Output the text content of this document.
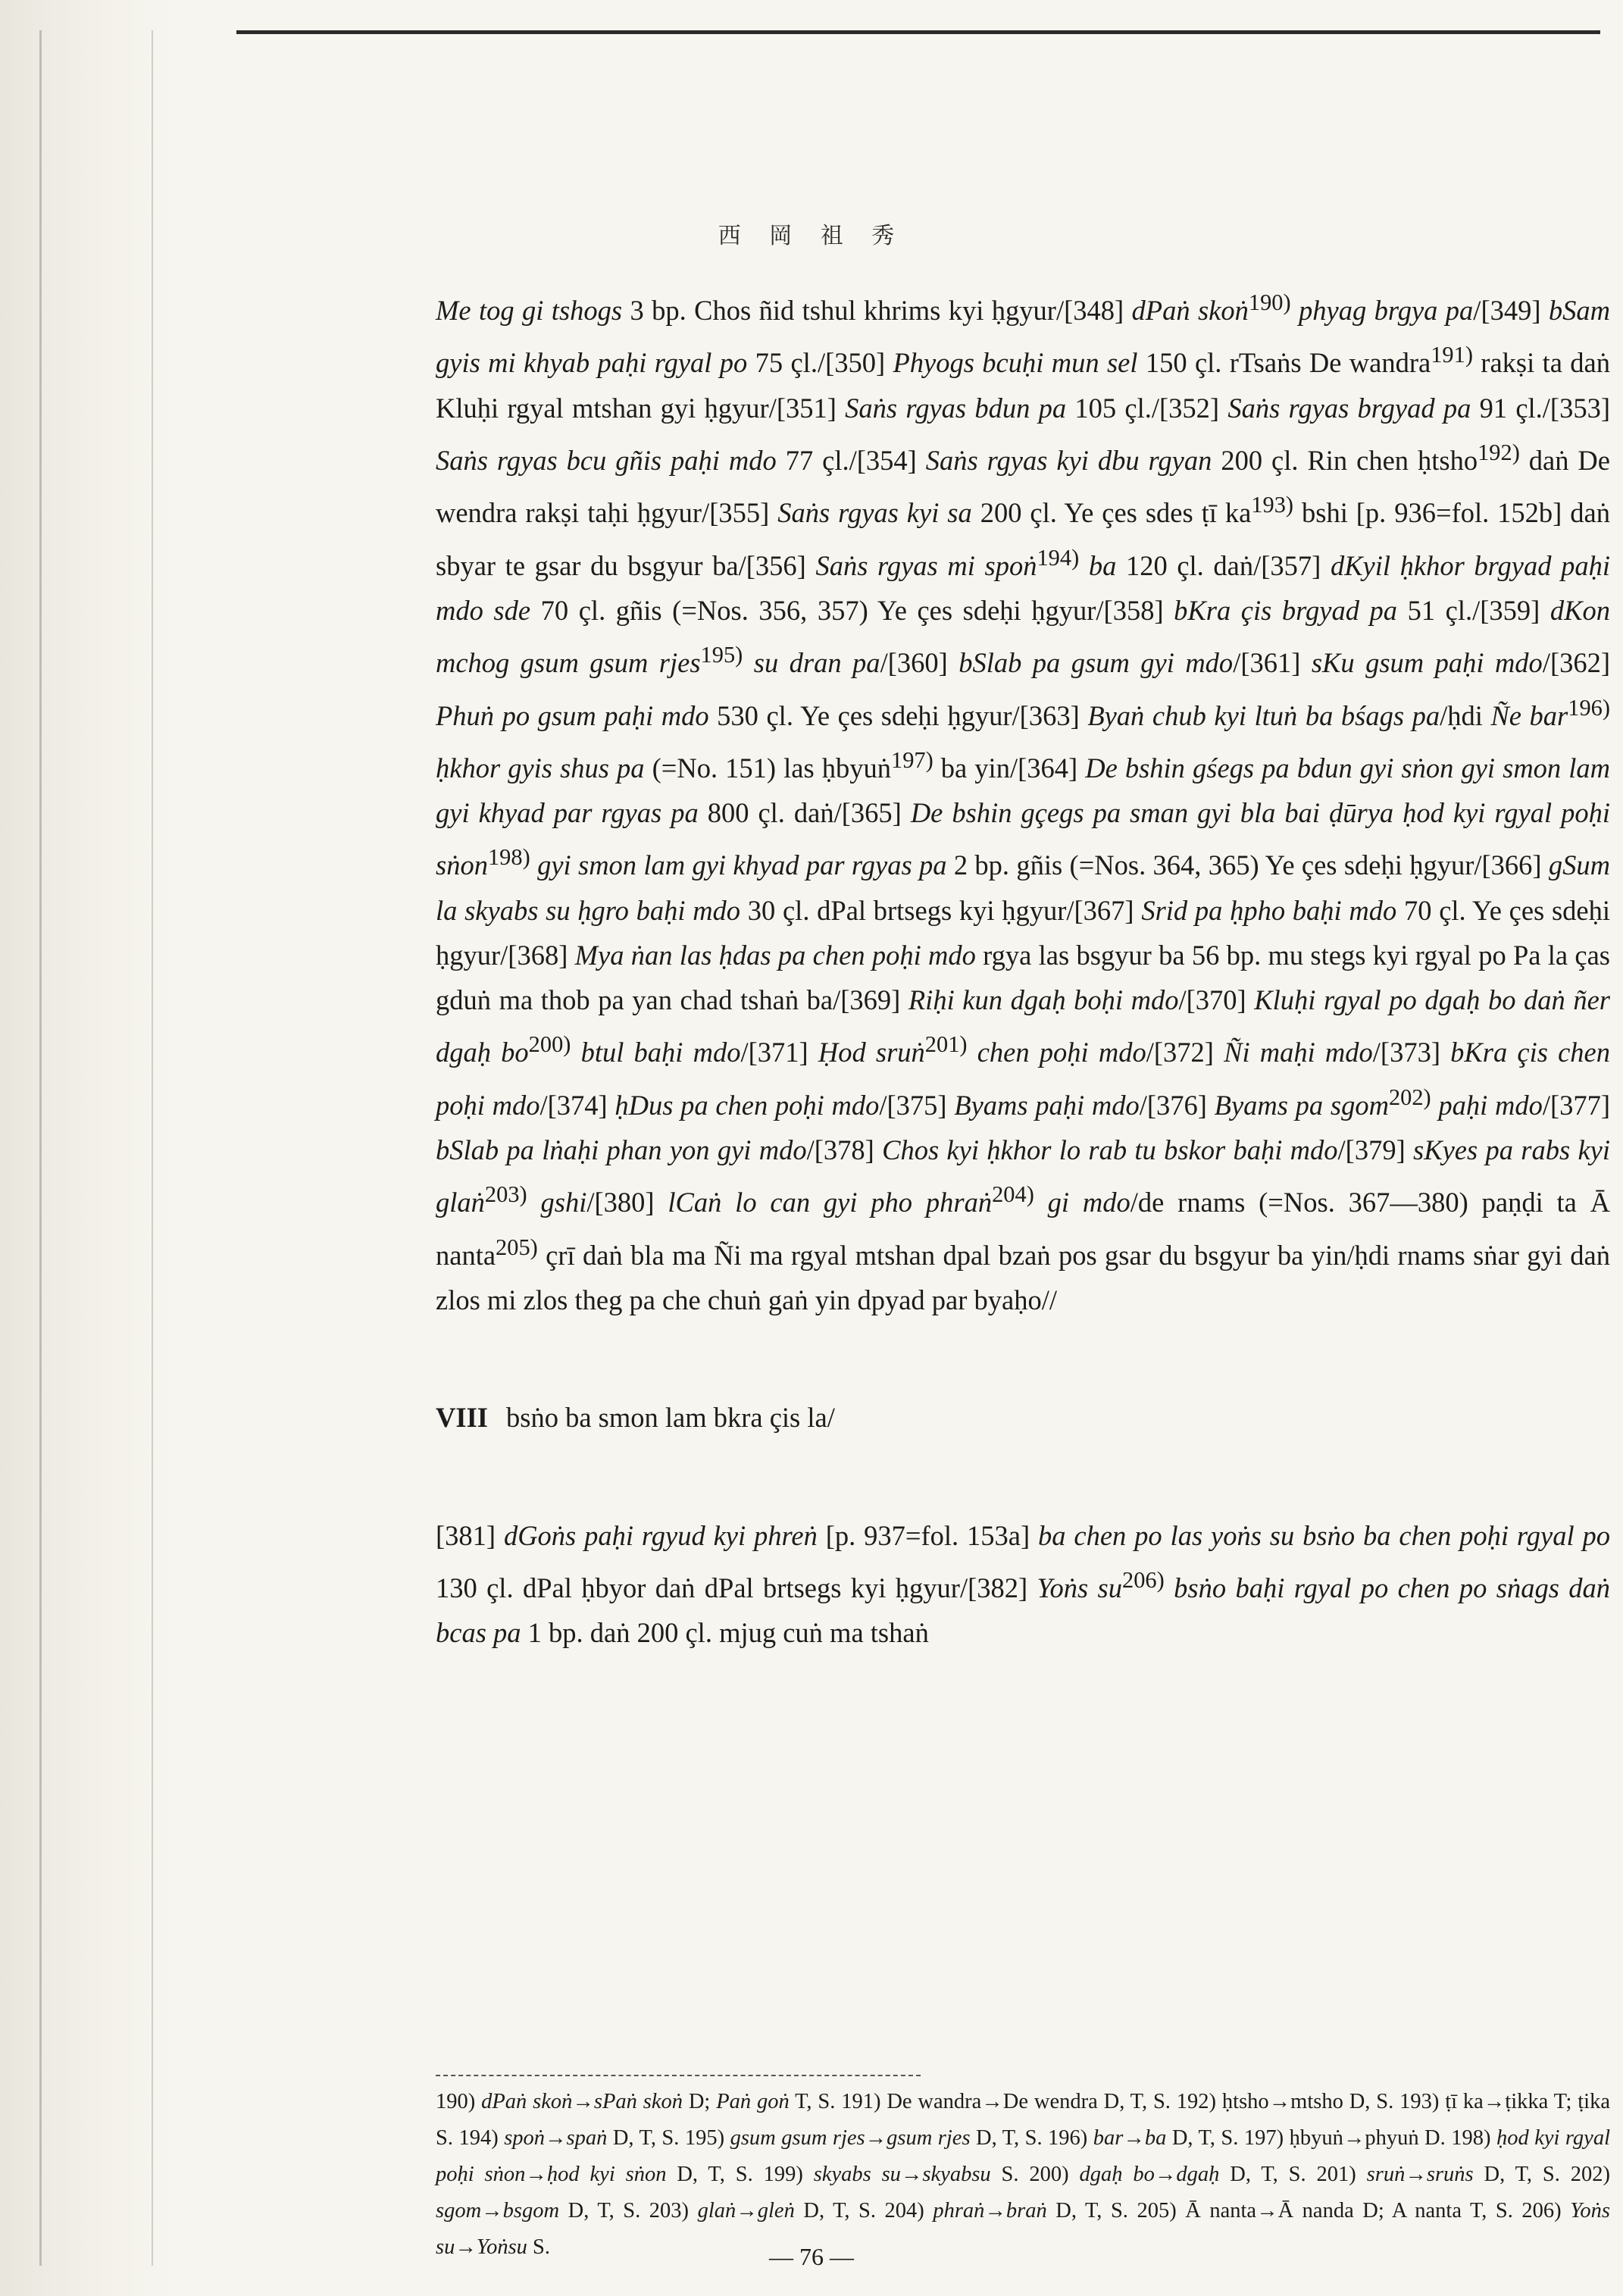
西 岡 祖 秀

Me tog gi tshogs 3 bp. Chos ñid tshul khrims kyi ḥgyur/[348] dPaṅ skoṅ$^{190)}$ phyag brgya pa/[349] bSam gyis mi khyab paḥi rgyal po 75 çl./[350] Phyogs bcuḥi mun sel 150 çl. rTsaṅs De wandra$^{191)}$ rakṣi ta daṅ Kluḥi rgyal mtshan gyi ḥgyur/[351] Saṅs rgyas bdun pa 105 çl./[352] Saṅs rgyas brgyad pa 91 çl./[353] Saṅs rgyas bcu gñis paḥi mdo 77 çl./[354] Saṅs rgyas kyi dbu rgyan 200 çl. Rin chen ḥtsho$^{192)}$ daṅ De wendra rakṣi taḥi ḥgyur/[355] Saṅs rgyas kyi sa 200 çl. Ye çes sdes ṭī $ka^{193)}$ bshi [p. 936=fol. 152b] daṅ sbyar te gsar du bsgyur ba/[356] Saṅs rgyas mi spoṅ$^{194)}$ ba 120 çl. daṅ/[357] dKyil ḥkhor brgyad paḥi mdo sde 70 çl. gñis (=Nos. 356, 357) Ye çes sdeḥi ḥgyur/[358] bKra çis brgyad pa 51 çl./[359] dKon mchog gsum gsum rjes$^{195)}$ su dran pa/[360] bSlab pa gsum gyi mdo/[361] sKu gsum paḥi mdo/[362] Phuṅ po gsum paḥi mdo 530 çl. Ye çes sdeḥi ḥgyur/[363] Byaṅ chub kyi ltuṅ ba bśags pa/ḥdi Ñe bar$^{196)}$ ḥkhor gyis shus pa (=No. 151) las ḥbyuṅ$^{197)}$ ba yin/[364] De bshin gśegs pa bdun gyi sṅon gyi smon lam gyi khyad par rgyas pa 800 çl. daṅ/[365] De bshin gçegs pa sman gyi bla bai ḍūrya ḥod kyi rgyal poḥi sṅon$^{198)}$ gyi smon lam gyi khyad par rgyas pa 2 bp. gñis (=Nos. 364, 365) Ye çes sdeḥi ḥgyur/[366] gSum la skyabs su ḥgro baḥi mdo 30 çl. dPal brtsegs kyi ḥgyur/[367] Srid pa ḥpho baḥi mdo 70 çl. Ye çes sdeḥi ḥgyur/[368] Mya ṅan las ḥdas pa chen poḥi mdo rgya las bsgyur ba 56 bp. mu stegs kyi rgyal po Pa la ças gduṅ ma thob pa yan chad tshaṅ ba/[369] Riḥi kun dgaḥ boḥi mdo/[370] Kluḥi rgyal po dgaḥ bo daṅ ñer dgaḥ $bo^{200)}$ btul baḥi mdo/[371] Ḥod sruṅ$^{201)}$ chen poḥi mdo/[372] Ñi maḥi mdo/[373] bKra çis chen poḥi mdo/[374] ḥDus pa chen poḥi mdo/[375] Byams paḥi mdo/[376] Byams pa sgom$^{202)}$ paḥi mdo/[377] bSlab pa lṅaḥi phan yon gyi mdo/[378] Chos kyi ḥkhor lo rab tu bskor baḥi mdo/[379] sKyes pa rabs kyi glaṅ$^{203)}$ gshi/[380] lCaṅ lo can gyi pho phraṅ$^{204)}$ gi mdo/de rnams (=Nos. 367—380) paṇḍi ta Ā nanta$^{205)}$ çrī daṅ bla ma Ñi ma rgyal mtshan dpal bzaṅ pos gsar du bsgyur ba yin/ḥdi rnams sṅar gyi daṅ zlos mi zlos theg pa che chuṅ gaṅ yin dpyad par byaḥo//

VIII bsṅo ba smon lam bkra çis la/

[381] dGoṅs paḥi rgyud kyi phreṅ [p. 937=fol. 153a] ba chen po las yoṅs su bsṅo ba chen poḥi rgyal po 130 çl. dPal ḥbyor daṅ dPal brtsegs kyi ḥgyur/[382] Yoṅs $su^{206)}$ bsṅo baḥi rgyal po chen po sṅags daṅ bcas pa 1 bp. daṅ 200 çl. mjug cuṅ ma tshaṅ

190) dPaṅ skoṅ→sPaṅ skoṅ D; Paṅ goṅ T, S. 191) De wandra→De wendra D, T, S. 192) ḥtsho→mtsho D, S. 193) ṭī ka→ṭikka T; ṭika S. 194) spoṅ→spaṅ D, T, S. 195) gsum gsum rjes→gsum rjes D, T, S. 196) bar→ba D, T, S. 197) ḥbyuṅ→phyuṅ D. 198) ḥod kyi rgyal poḥi sṅon→ḥod kyi sṅon D, T, S. 199) skyabs su→skyabsu S. 200) dgaḥ bo→dgaḥ D, T, S. 201) sruṅ→sruṅs D, T, S. 202) sgom→bsgom D, T, S. 203) glaṅ→gleṅ D, T, S. 204) phraṅ→braṅ D, T, S. 205) Ā nanta→Ā nanda D; A nanta T, S. 206) Yoṅs su→Yoṅsu S.	— 76 —
